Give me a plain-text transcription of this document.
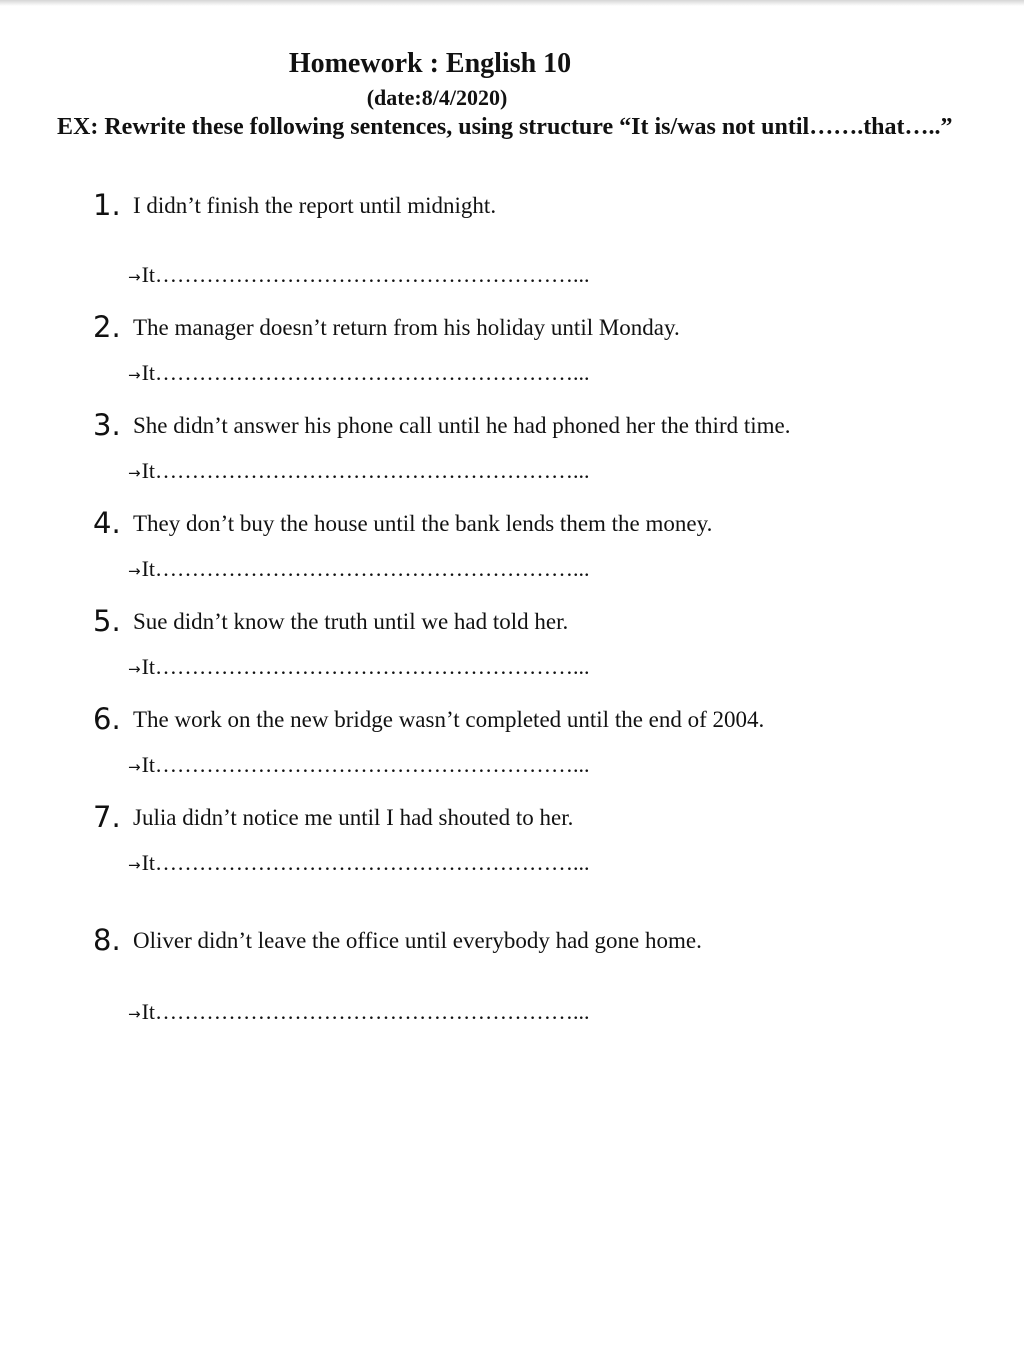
Homework : English 10
(date:8/4/2020)
EX: Rewrite these following sentences, using structure “It is/was not until…….that…..”
1. I didn’t finish the report until midnight.
→It…………………………………………………...
2. The manager doesn’t return from his holiday until Monday.
→It…………………………………………………...
3. She didn’t answer his phone call until he had phoned her the third time.
→It…………………………………………………...
4. They don’t buy the house until the bank lends them the money.
→It…………………………………………………...
5. Sue didn’t know the truth until we had told her.
→It…………………………………………………...
6. The work on the new bridge wasn’t completed until the end of 2004.
→It…………………………………………………...
7. Julia didn’t notice me until I had shouted to her.
→It…………………………………………………...
8. Oliver didn’t leave the office until everybody had gone home.
→It…………………………………………………...
